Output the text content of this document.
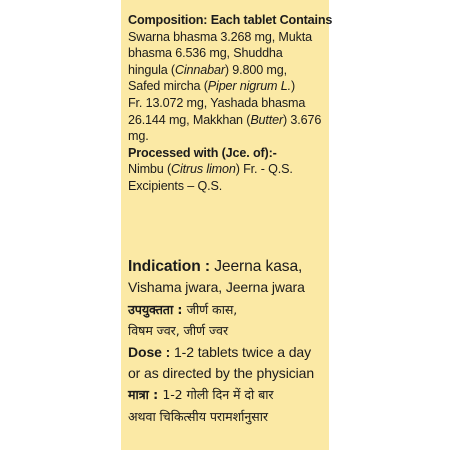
Composition: Each tablet Contains
Swarna bhasma 3.268 mg, Mukta
bhasma 6.536 mg, Shuddha
hingula (Cinnabar) 9.800 mg,
Safed mircha (Piper nigrum L.)
Fr. 13.072 mg, Yashada bhasma
26.144 mg, Makkhan (Butter) 3.676
mg.
Processed with (Jce. of):-
Nimbu (Citrus limon) Fr. - Q.S.
Excipients – Q.S.
Indication : Jeerna kasa,
Vishama jwara, Jeerna jwara
उपयुक्तता : जीर्ण कास,
विषम ज्वर, जीर्ण ज्वर
Dose : 1-2 tablets twice a day
or as directed by the physician
मात्रा : 1-2 गोली दिन में दो बार
अथवा चिकित्सीय परामर्शानुसार
